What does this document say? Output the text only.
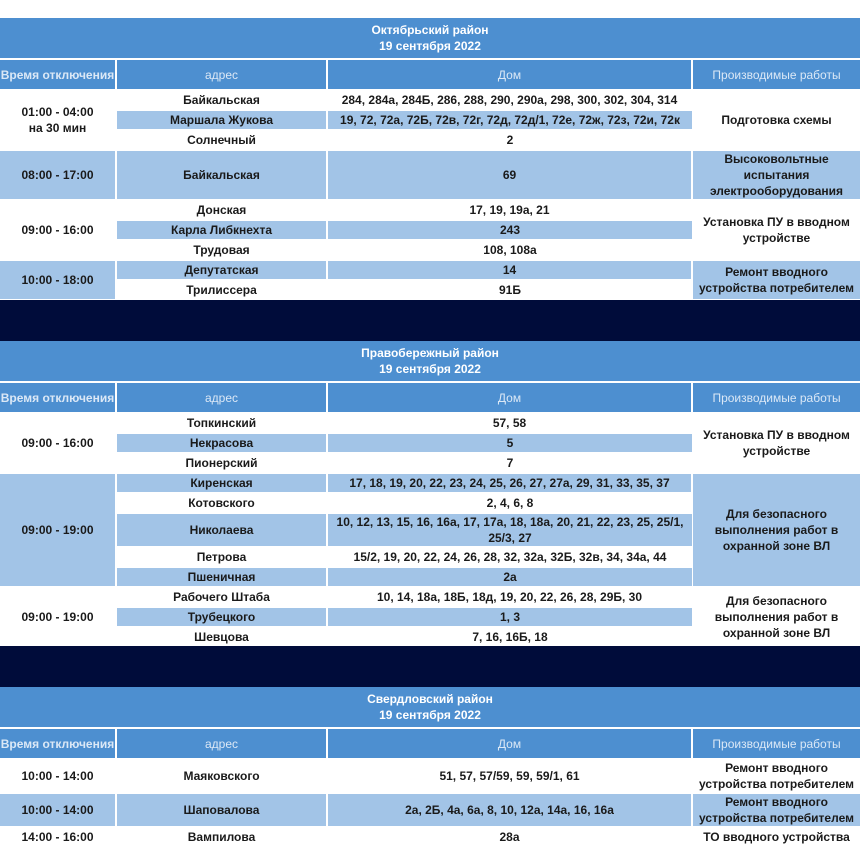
Октябрьский район
19 сентября 2022			

Время отключения	адрес	Дом	Производимые работы

01:00 - 04:00
на 30 мин	Байкальская	284, 284а, 284Б, 286, 288, 290, 290а, 298, 300, 302, 304, 314	Подготовка схемы
	Маршала Жукова	19, 72, 72а, 72Б, 72в, 72г, 72д, 72д/1, 72е, 72ж, 72з, 72и, 72к	
	Солнечный	2	

08:00 - 17:00	Байкальская	69	Высоковольтные испытания электрооборудования

09:00 - 16:00	Донская	17, 19, 19а, 21	Установка ПУ в вводном устройстве
	Карла Либкнехта	243	
	Трудовая	108, 108а	

10:00 - 18:00	Депутатская	14	Ремонт вводного устройства потребителем
	Трилиссера	91Б	
Правобережный район
19 сентября 2022			

Время отключения	адрес	Дом	Производимые работы

09:00 - 16:00	Топкинский	57, 58	Установка ПУ в вводном устройстве
	Некрасова	5	
	Пионерский	7	

09:00 - 19:00	Киренская	17, 18, 19, 20, 22, 23, 24, 25, 26, 27, 27а, 29, 31, 33, 35, 37	Для безопасного выполнения работ в охранной зоне ВЛ
	Котовского	2, 4, 6, 8	
	Николаева	10, 12, 13, 15, 16, 16а, 17, 17а, 18, 18а, 20, 21, 22, 23, 25, 25/1, 25/3, 27	
	Петрова	15/2, 19, 20, 22, 24, 26, 28, 32, 32а, 32Б, 32в, 34, 34а, 44	
	Пшеничная	2а	

09:00 - 19:00	Рабочего Штаба	10, 14, 18а, 18Б, 18д, 19, 20, 22, 26, 28, 29Б, 30	Для безопасного выполнения работ в охранной зоне ВЛ
	Трубецкого	1, 3	
	Шевцова	7, 16, 16Б, 18	
Свердловский район
19 сентября 2022			

Время отключения	адрес	Дом	Производимые работы

10:00 - 14:00	Маяковского	51, 57, 57/59, 59, 59/1, 61	Ремонт вводного устройства потребителем

10:00 - 14:00	Шаповалова	2а, 2Б, 4а, 6а, 8, 10, 12а, 14а, 16, 16а	Ремонт вводного устройства потребителем

14:00 - 16:00	Вампилова	28а	ТО вводного устройства
